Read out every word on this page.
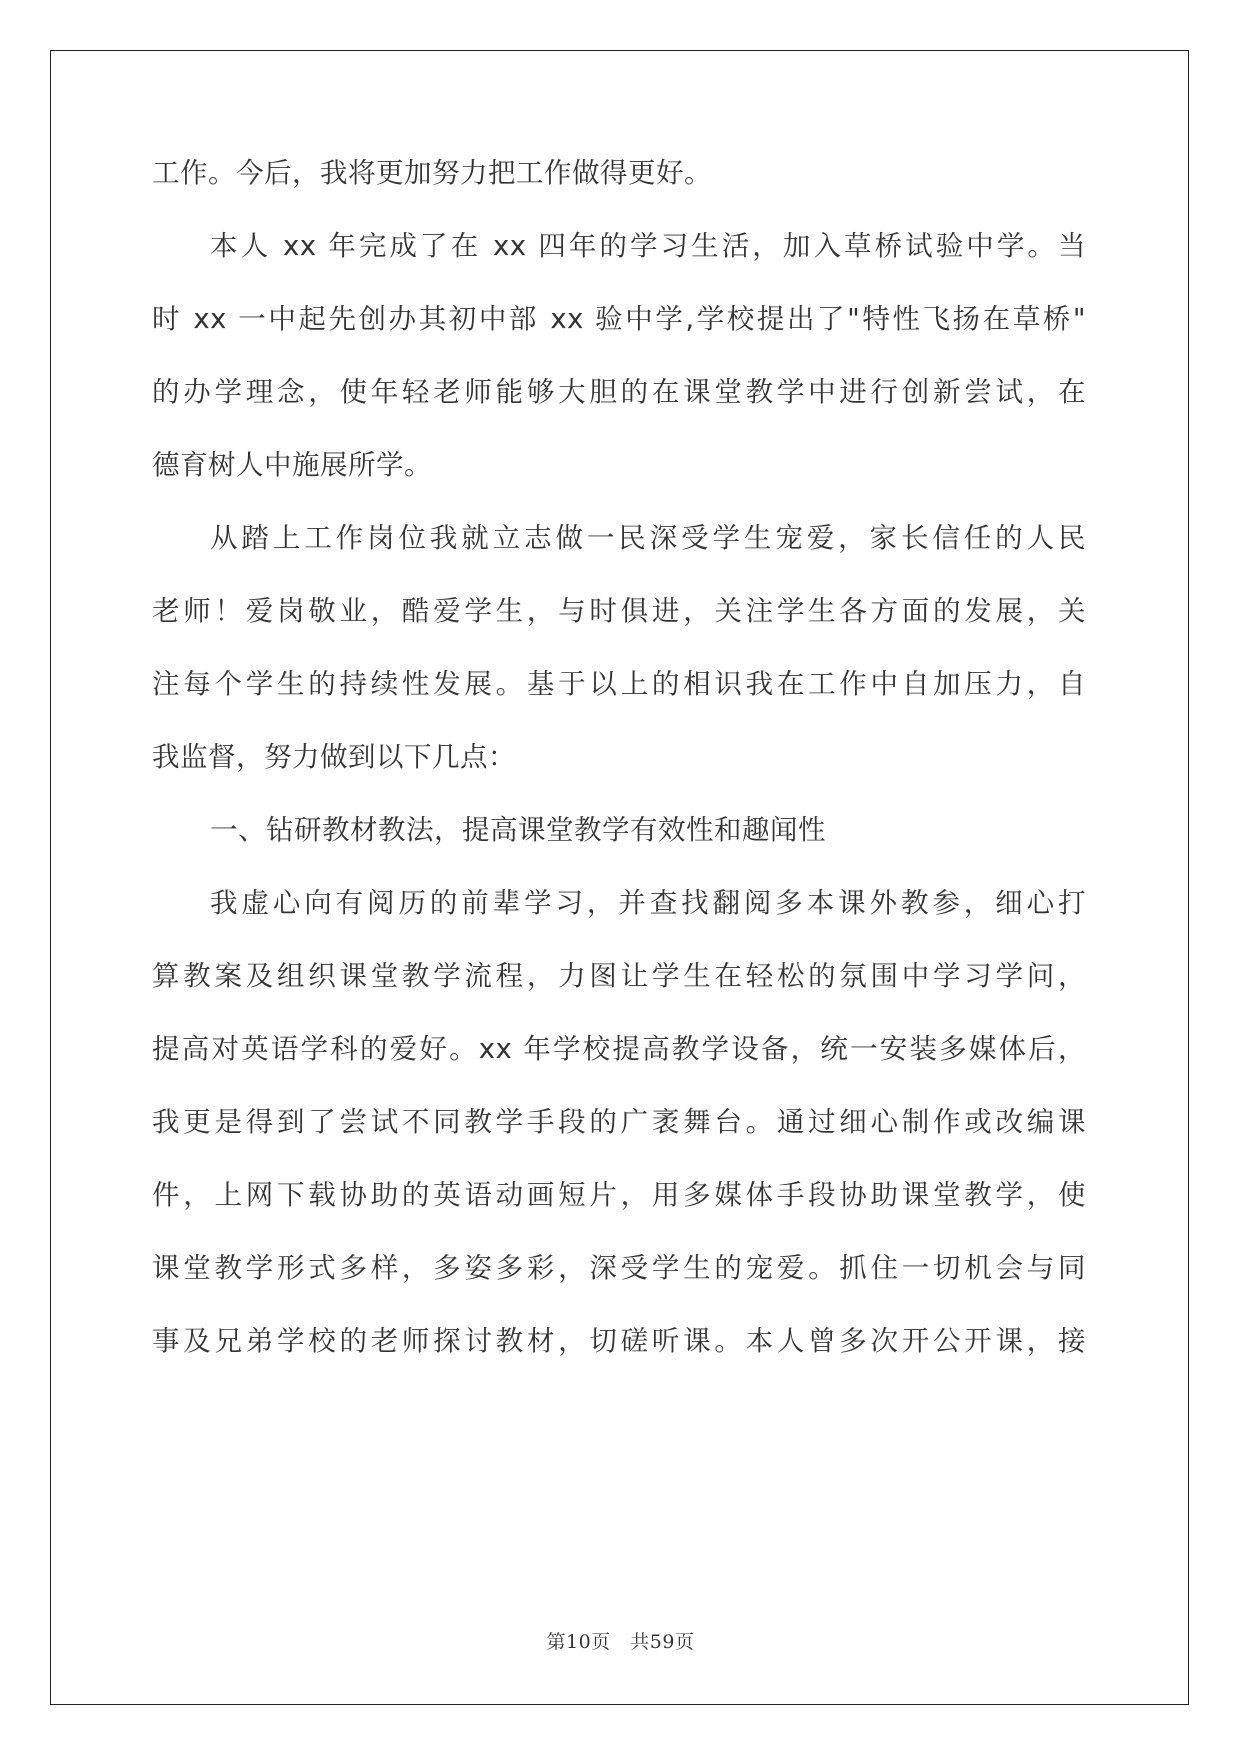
工作。今后，我将更加努力把工作做得更好。
本人 xx 年完成了在 xx 四年的学习生活，加入草桥试验中学。当
时 xx 一中起先创办其初中部 xx 验中学,学校提出了"特性飞扬在草桥"
的办学理念，使年轻老师能够大胆的在课堂教学中进行创新尝试，在
德育树人中施展所学。
从踏上工作岗位我就立志做一民深受学生宠爱，家长信任的人民
老师！爱岗敬业，酷爱学生，与时俱进，关注学生各方面的发展，关
注每个学生的持续性发展。基于以上的相识我在工作中自加压力，自
我监督，努力做到以下几点：
一、钻研教材教法，提高课堂教学有效性和趣闻性
我虚心向有阅历的前辈学习，并查找翻阅多本课外教参，细心打
算教案及组织课堂教学流程，力图让学生在轻松的氛围中学习学问，
提高对英语学科的爱好。xx 年学校提高教学设备，统一安装多媒体后，
我更是得到了尝试不同教学手段的广袤舞台。通过细心制作或改编课
件，上网下载协助的英语动画短片，用多媒体手段协助课堂教学，使
课堂教学形式多样，多姿多彩，深受学生的宠爱。抓住一切机会与同
事及兄弟学校的老师探讨教材，切磋听课。本人曾多次开公开课，接
第10页   共59页
